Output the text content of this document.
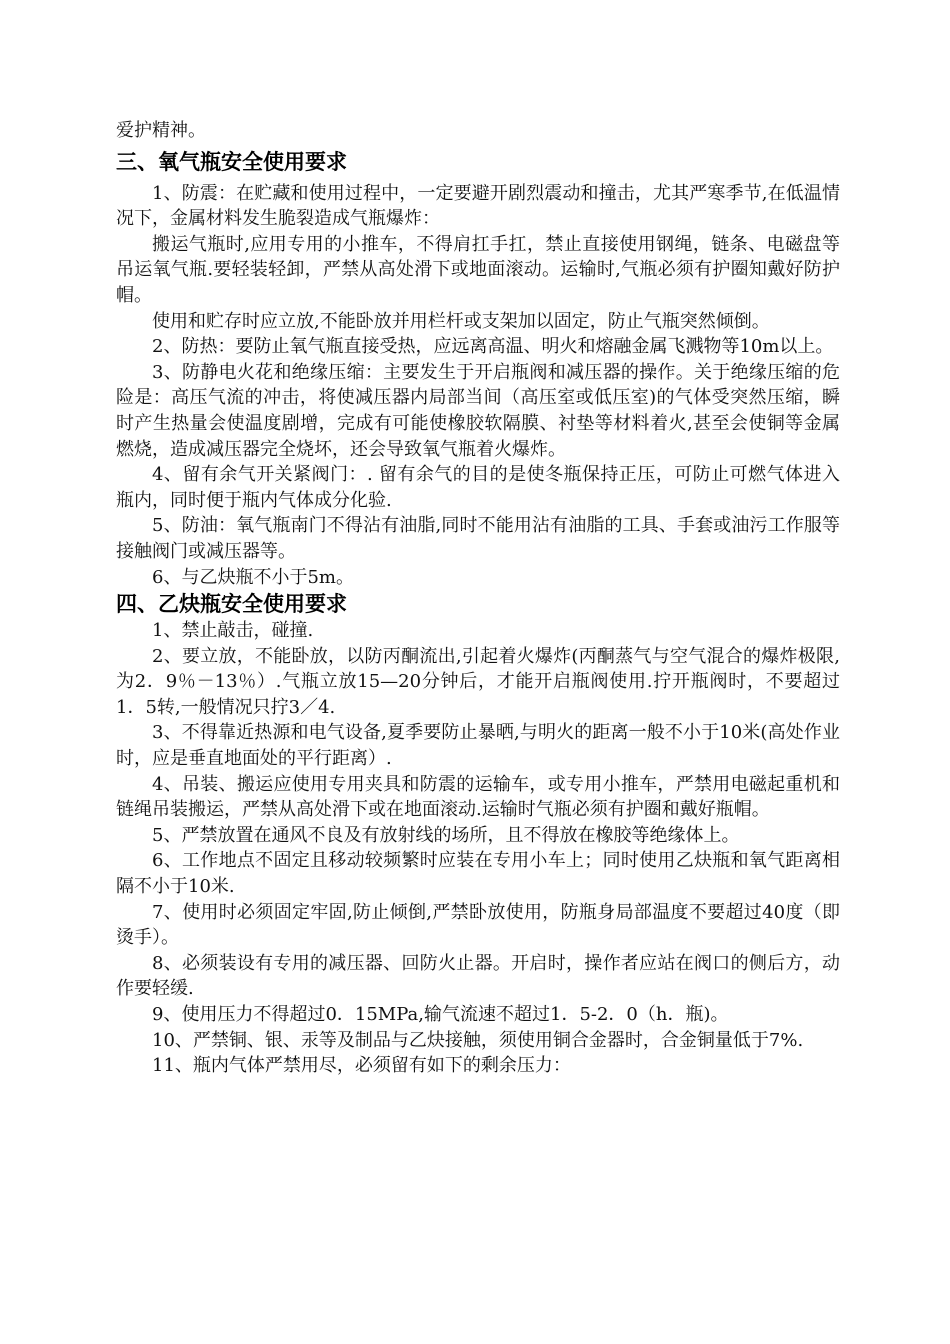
爱护精神。

三、氧气瓶安全使用要求

1、防震：在贮藏和使用过程中，一定要避开剧烈震动和撞击，尤其严寒季节,在低温情况下，金属材料发生脆裂造成气瓶爆炸：

搬运气瓶时,应用专用的小推车，不得肩扛手扛，禁止直接使用钢绳，链条、电磁盘等吊运氧气瓶.要轻装轻卸，严禁从高处滑下或地面滚动。运输时,气瓶必须有护圈知戴好防护帽。

使用和贮存时应立放,不能卧放并用栏杆或支架加以固定，防止气瓶突然倾倒。

2、防热：要防止氧气瓶直接受热，应远离高温、明火和熔融金属飞溅物等10m以上。

3、防静电火花和绝缘压缩：主要发生于开启瓶阀和减压器的操作。关于绝缘压缩的危险是：高压气流的冲击，将使减压器内局部当间（高压室或低压室)的气体受突然压缩，瞬时产生热量会使温度剧增，完成有可能使橡胶软隔膜、衬垫等材料着火,甚至会使铜等金属燃烧，造成减压器完全烧坏，还会导致氧气瓶着火爆炸。

4、留有余气开关紧阀门：. 留有余气的目的是使冬瓶保持正压，可防止可燃气体进入瓶内，同时便于瓶内气体成分化验.

5、防油：氧气瓶南门不得沾有油脂,同时不能用沾有油脂的工具、手套或油污工作服等接触阀门或减压器等。

6、与乙炔瓶不小于5m。

四、乙炔瓶安全使用要求

1、禁止敲击，碰撞.

2、要立放，不能卧放，以防丙酮流出,引起着火爆炸(丙酮蒸气与空气混合的爆炸极限,为2．9％－13％）.气瓶立放15—20分钟后，才能开启瓶阀使用.拧开瓶阀时，不要超过1．5转,一般情况只拧3／4.

3、不得靠近热源和电气设备,夏季要防止暴晒,与明火的距离一般不小于10米(高处作业时，应是垂直地面处的平行距离）.

4、吊装、搬运应使用专用夹具和防震的运输车，或专用小推车，严禁用电磁起重机和链绳吊装搬运，严禁从高处滑下或在地面滚动.运输时气瓶必须有护圈和戴好瓶帽。

5、严禁放置在通风不良及有放射线的场所，且不得放在橡胶等绝缘体上。

6、工作地点不固定且移动较频繁时应装在专用小车上；同时使用乙炔瓶和氧气距离相隔不小于10米.

7、使用时必须固定牢固,防止倾倒,严禁卧放使用，防瓶身局部温度不要超过40度（即烫手）。

8、必须装设有专用的减压器、回防火止器。开启时，操作者应站在阀口的侧后方，动作要轻缓.

9、使用压力不得超过0．15MPa,输气流速不超过1．5-2．0（h．瓶)。

10、严禁铜、银、汞等及制品与乙炔接触，须使用铜合金器时，合金铜量低于7%.

11、瓶内气体严禁用尽，必须留有如下的剩余压力：
